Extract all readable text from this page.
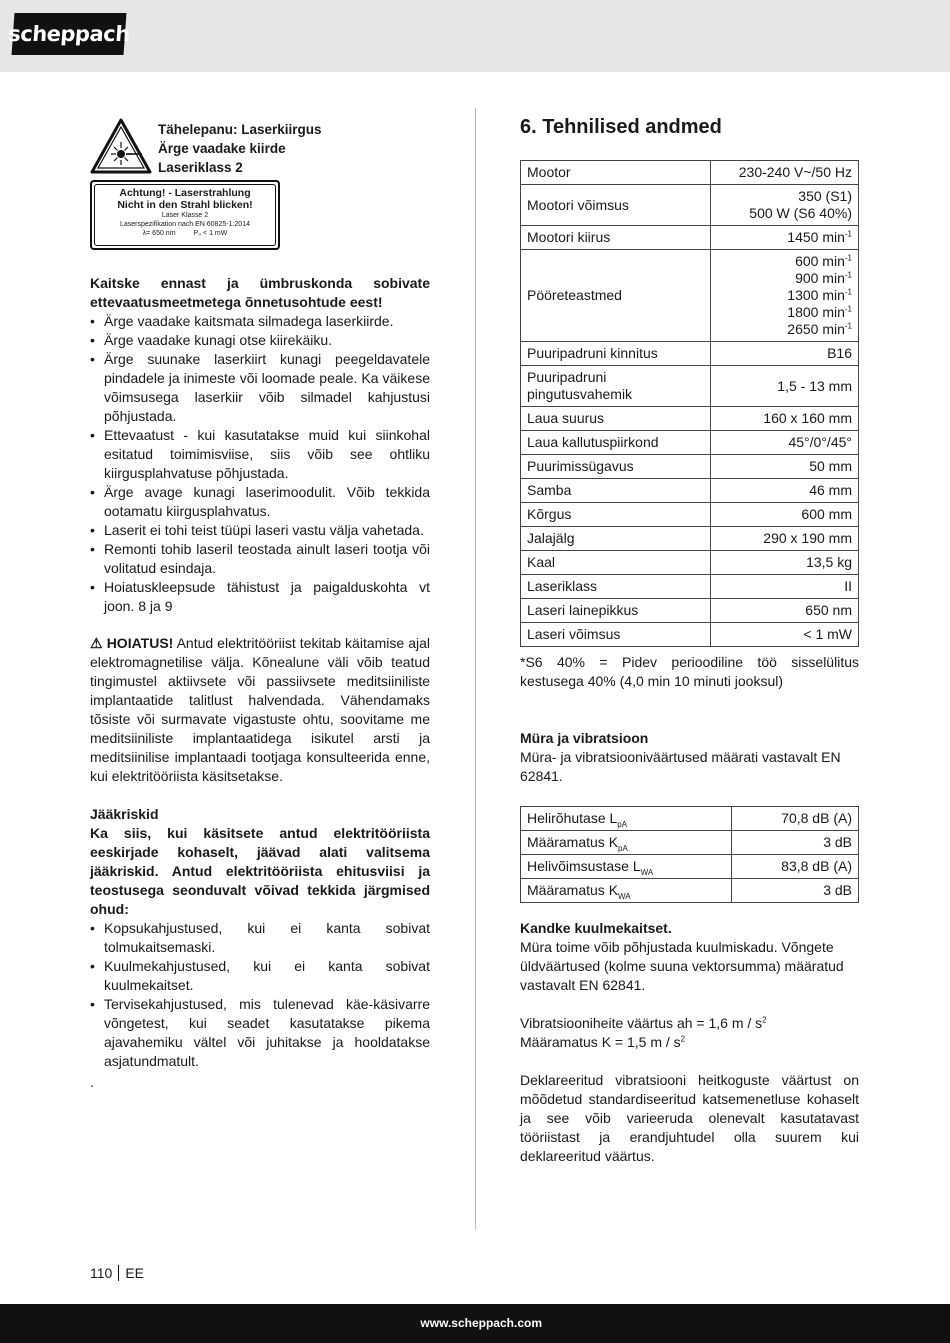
scheppach
Tähelepanu: Laserkiirgus
Ärge vaadake kiirde
Laseriklass 2
Achtung! - Laserstrahlung
Nicht in den Strahl blicken!
Laser Klasse 2
Laserspezifikation nach EN 60825-1:2014
λ= 650 nm	P₀ < 1 mW

Kaitske ennast ja ümbruskonda sobivate ettevaatusmeetmetega õnnetusohtude eest!

• Ärge vaadake kaitsmata silmadega laserkiirde.
• Ärge vaadake kunagi otse kiirekäiku.
• Ärge suunake laserkiirt kunagi peegeldavatele pindadele ja inimeste või loomade peale. Ka väikese võimsusega laserkiir võib silmadel kahjustusi põhjustada.
• Ettevaatust - kui kasutatakse muid kui siinkohal esitatud toimimisviise, siis võib see ohtliku kiirgusplahvatuse põhjustada.
• Ärge avage kunagi laserimoodulit. Võib tekkida ootamatu kiirgusplahvatus.
• Laserit ei tohi teist tüüpi laseri vastu välja vahetada.
• Remonti tohib laseril teostada ainult laseri tootja või volitatud esindaja.
• Hoiatuskleepsude tähistust ja paigalduskohta vt joon. 8 ja 9

⚠ HOIATUS! Antud elektritööriist tekitab käitamise ajal elektromagnetilise välja. Kõnealune väli võib teatud tingimustel aktiivsete või passiivsete meditsiiniliste implantaatide talitlust halvendada. Vähendamaks tõsiste või surmavate vigastuste ohtu, soovitame me meditsiiniliste implantaatidega isikutel arsti ja meditsiinilise implantaadi tootjaga konsulteerida enne, kui elektritööriista käsitsetakse.

Jääkriskid

Ka siis, kui käsitsete antud elektritööriista eeskirjade kohaselt, jäävad alati valitsema jääkriskid. Antud elektritööriista ehitusviisi ja teostusega seonduvalt võivad tekkida järgmised ohud:

• Kopsukahjustused, kui ei kanta sobivat tolmukaitsemaski.
• Kuulmekahjustused, kui ei kanta sobivat kuulmekaitset.
• Tervisekahjustused, mis tulenevad käe-käsivarre võngetest, kui seadet kasutatakse pikema ajavahemiku vältel või juhitakse ja hooldatakse asjatundmatult.

.

6. Tehnilised andmed
Mootor	230-240 V~/50 Hz

Mootori võimsus	350 (S1)
500 W (S6 40%)

Mootori kiirus	1450 $\min^{-1}$

Pööreteastmed	600 $\min^{-1}$
900 $\min^{-1}$
1300 $\min^{-1}$
1800 $\min^{-1}$
2650 $\min^{-1}$

Puuripadruni kinnitus	B16

Puuripadruni pingutusvahemik	1,5 - 13 mm

Laua suurus	160 x 160 mm

Laua kallutuspiirkond	45°/0°/45°

Puurimissügavus	50 mm

Samba	46 mm

Kõrgus	600 mm

Jalajälg	290 x 190 mm

Kaal	13,5 kg

Laseriklass	II

Laseri lainepikkus	650 nm

Laseri võimsus	< 1 mW

*S6 40% = Pidev perioodiline töö sisselülitus kestusega 40% (4,0 min 10 minuti jooksul)

Müra ja vibratsioon

Müra- ja vibratsiooniväärtused määrati vastavalt EN 62841.

Helirõhutase $L_{pA}$	70,8 dB (A)
Määramatus $K_{pA}$	3 dB
Helivõimsustase $L_{WA}$	83,8 dB (A)
Määramatus $K_{WA}$	3 dB

Kandke kuulmekaitset.

Müra toime võib põhjustada kuulmiskadu. Võngete üldväärtused (kolme suuna vektorsumma) määratud vastavalt EN 62841.

Vibratsiooniheite väärtus ah = 1,6 m / $s^2$

Määramatus K = 1,5 m / $s^2$

Deklareeritud vibratsiooni heitkoguste väärtust on mõõdetud standardiseeritud katsemenetluse kohaselt ja see võib varieeruda olenevalt kasutatavast tööriistast ja erandjuhtudel olla suurem kui deklareeritud väärtus.

110 EE
www.scheppach.com
